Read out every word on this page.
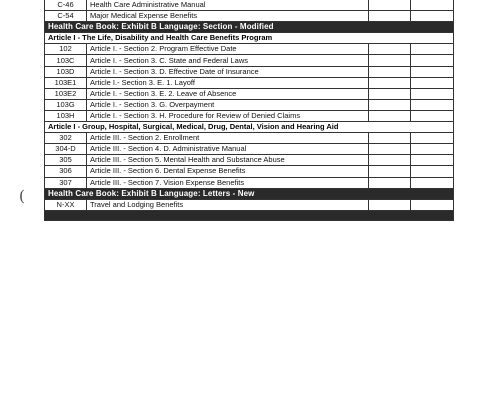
(
C-46	Health Care Administrative Manual		
C-54	Major Medical Expense Benefits		
Health Care Book: Exhibit B Language: Section - Modified			
Article I - The Life, Disability and Health Care Benefits Program			
102	Article I. - Section 2. Program Effective Date		
103C	Article I. - Section 3. C. State and Federal Laws		
103D	Article I. - Section 3. D. Effective Date of Insurance		
103E1	Article I.- Section 3. E. 1. Layoff		
103E2	Article I. - Section 3. E. 2. Leave of Absence		
103G	Article I. - Section 3. G. Overpayment		
103H	Article I. - Section 3. H. Procedure for Review of Denied Claims		
Article I - Group, Hospital, Surgical, Medical, Drug, Dental, Vision and Hearing Aid			
302	Article III. - Section 2. Enrollment		
304-D	Article III. - Section 4. D. Administrative Manual		
305	Article III. - Section 5. Mental Health and Substance Abuse		
306	Article III. - Section 6. Dental Expense Benefits		
307	Article III. - Section 7. Vision Expense Benefits		
Health Care Book: Exhibit B Language: Letters - New			
N-XX	Travel and Lodging Benefits		
